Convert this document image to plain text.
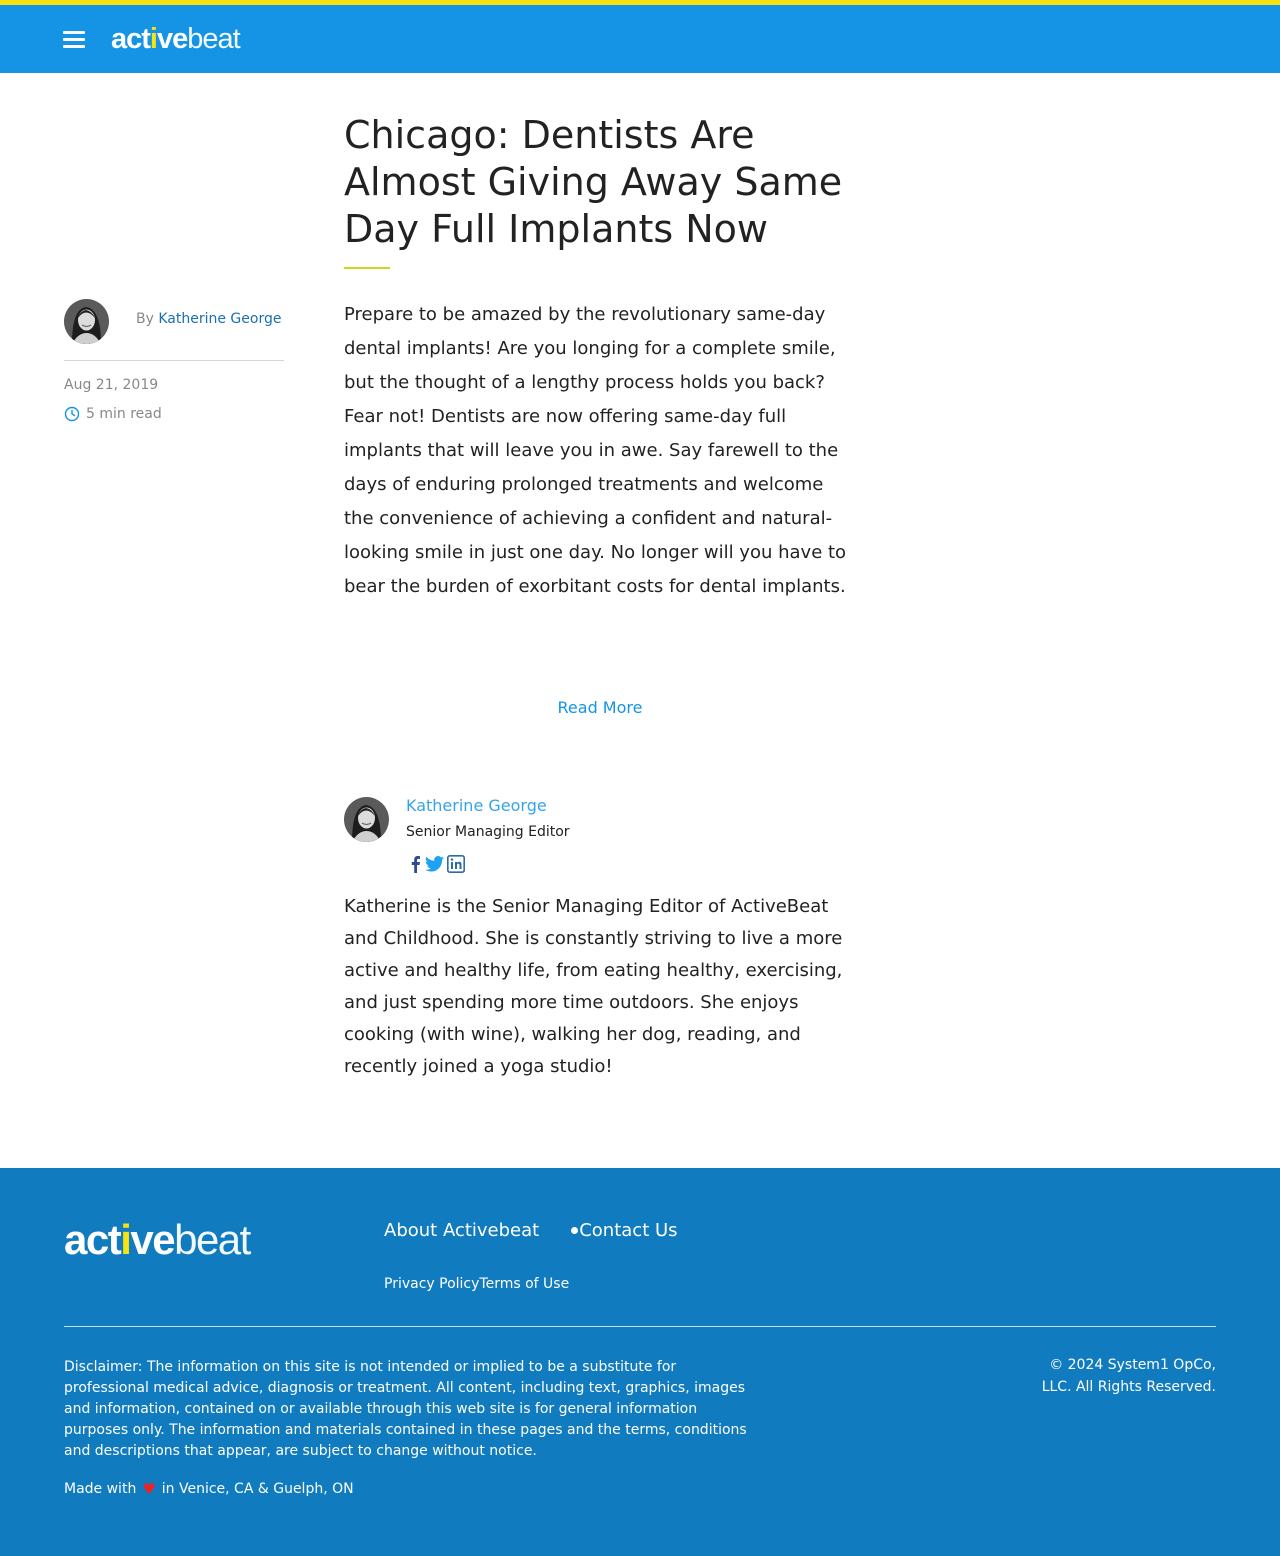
activebeat
Chicago: Dentists Are Almost Giving Away Same Day Full Implants Now
By Katherine George
Aug 21, 2019
5 min read

Prepare to be amazed by the revolutionary same-day dental implants! Are you longing for a complete smile, but the thought of a lengthy process holds you back? Fear not! Dentists are now offering same-day full implants that will leave you in awe. Say farewell to the days of enduring prolonged treatments and welcome the convenience of achieving a confident and natural-looking smile in just one day. No longer will you have to bear the burden of exorbitant costs for dental implants.

Read More
Katherine George
Senior Managing Editor

Katherine is the Senior Managing Editor of ActiveBeat and Childhood. She is constantly striving to live a more active and healthy life, from eating healthy, exercising, and just spending more time outdoors. She enjoys cooking (with wine), walking her dog, reading, and recently joined a yoga studio!

activebeat	About Activebeat Contact Us
Privacy Policy Terms of Use

Disclaimer: The information on this site is not intended or implied to be a substitute for professional medical advice, diagnosis or treatment. All content, including text, graphics, images and information, contained on or available through this web site is for general information purposes only. The information and materials contained in these pages and the terms, conditions and descriptions that appear, are subject to change without notice.

© 2024 System1 OpCo, LLC. All Rights Reserved.
Made with ♥ in Venice, CA & Guelph, ON
